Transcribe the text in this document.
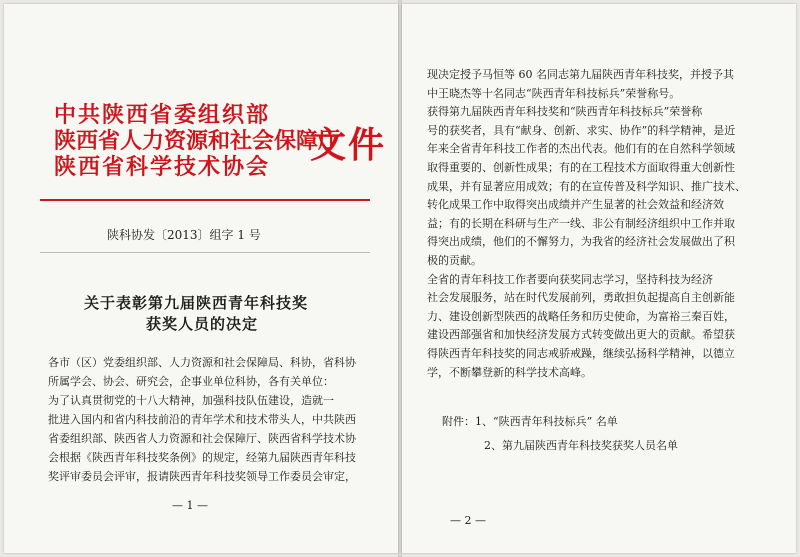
中共陕西省委组织部
陕西省人力资源和社会保障厅
陕西省科学技术协会
文件
陕科协发〔2013〕组字 1 号
关于表彰第九届陕西青年科技奖
获奖人员的决定
各市（区）党委组织部、人力资源和社会保障局、科协，省科协
所属学会、协会、研究会，企事业单位科协，各有关单位：
为了认真贯彻党的十八大精神，加强科技队伍建设，造就一
批进入国内和省内科技前沿的青年学术和技术带头人，中共陕西
省委组织部、陕西省人力资源和社会保障厅、陕西省科学技术协
会根据《陕西青年科技奖条例》的规定，经第九届陕西青年科技
奖评审委员会评审，报请陕西青年科技奖领导工作委员会审定，
— 1 —
现决定授予马恒等 60 名同志第九届陕西青年科技奖，并授予其
中王晓杰等十名同志“陕西青年科技标兵”荣誉称号。
获得第九届陕西青年科技奖和“陕西青年科技标兵”荣誉称
号的获奖者，具有“献身、创新、求实、协作”的科学精神，是近
年来全省青年科技工作者的杰出代表。他们有的在自然科学领域
取得重要的、创新性成果；有的在工程技术方面取得重大创新性
成果，并有显著应用成效；有的在宣传普及科学知识、推广技术、
转化成果工作中取得突出成绩并产生显著的社会效益和经济效
益；有的长期在科研与生产一线、非公有制经济组织中工作并取
得突出成绩，他们的不懈努力，为我省的经济社会发展做出了积
极的贡献。
全省的青年科技工作者要向获奖同志学习，坚持科技为经济
社会发展服务，站在时代发展前列，勇敢担负起提高自主创新能
力、建设创新型陕西的战略任务和历史使命，为富裕三秦百姓，
建设西部强省和加快经济发展方式转变做出更大的贡献。希望获
得陕西青年科技奖的同志戒骄戒躁，继续弘扬科学精神，以德立
学，不断攀登新的科学技术高峰。
附件：1、“陕西青年科技标兵” 名单
2、第九届陕西青年科技奖获奖人员名单
— 2 —
